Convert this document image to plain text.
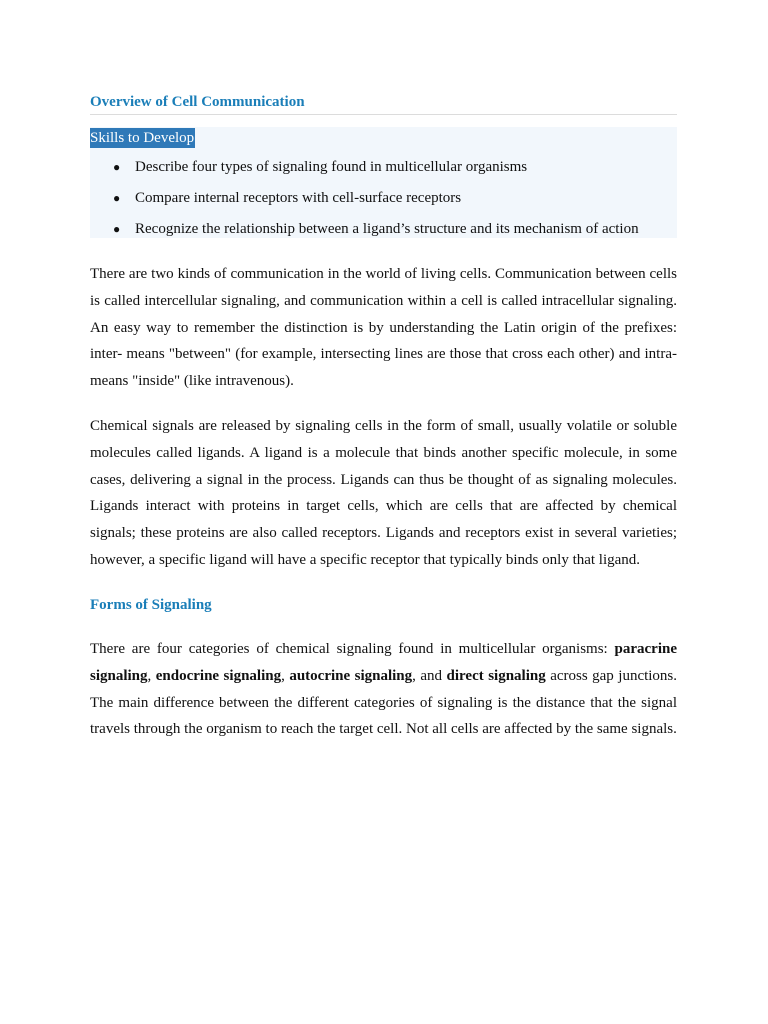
Overview of Cell Communication
Skills to Develop
● Describe four types of signaling found in multicellular organisms
● Compare internal receptors with cell-surface receptors
● Recognize the relationship between a ligand’s structure and its mechanism of action

There are two kinds of communication in the world of living cells. Communication between cells is called intercellular signaling, and communication within a cell is called intracellular signaling. An easy way to remember the distinction is by understanding the Latin origin of the prefixes: inter- means "between" (for example, intersecting lines are those that cross each other) and intra- means "inside" (like intravenous).

Chemical signals are released by signaling cells in the form of small, usually volatile or soluble molecules called ligands. A ligand is a molecule that binds another specific molecule, in some cases, delivering a signal in the process. Ligands can thus be thought of as signaling molecules. Ligands interact with proteins in target cells, which are cells that are affected by chemical signals; these proteins are also called receptors. Ligands and receptors exist in several varieties; however, a specific ligand will have a specific receptor that typically binds only that ligand.

Forms of Signaling

There are four categories of chemical signaling found in multicellular organisms: paracrine signaling, endocrine signaling, autocrine signaling, and direct signaling across gap junctions. The main difference between the different categories of signaling is the distance that the signal travels through the organism to reach the target cell. Not all cells are affected by the same signals.
